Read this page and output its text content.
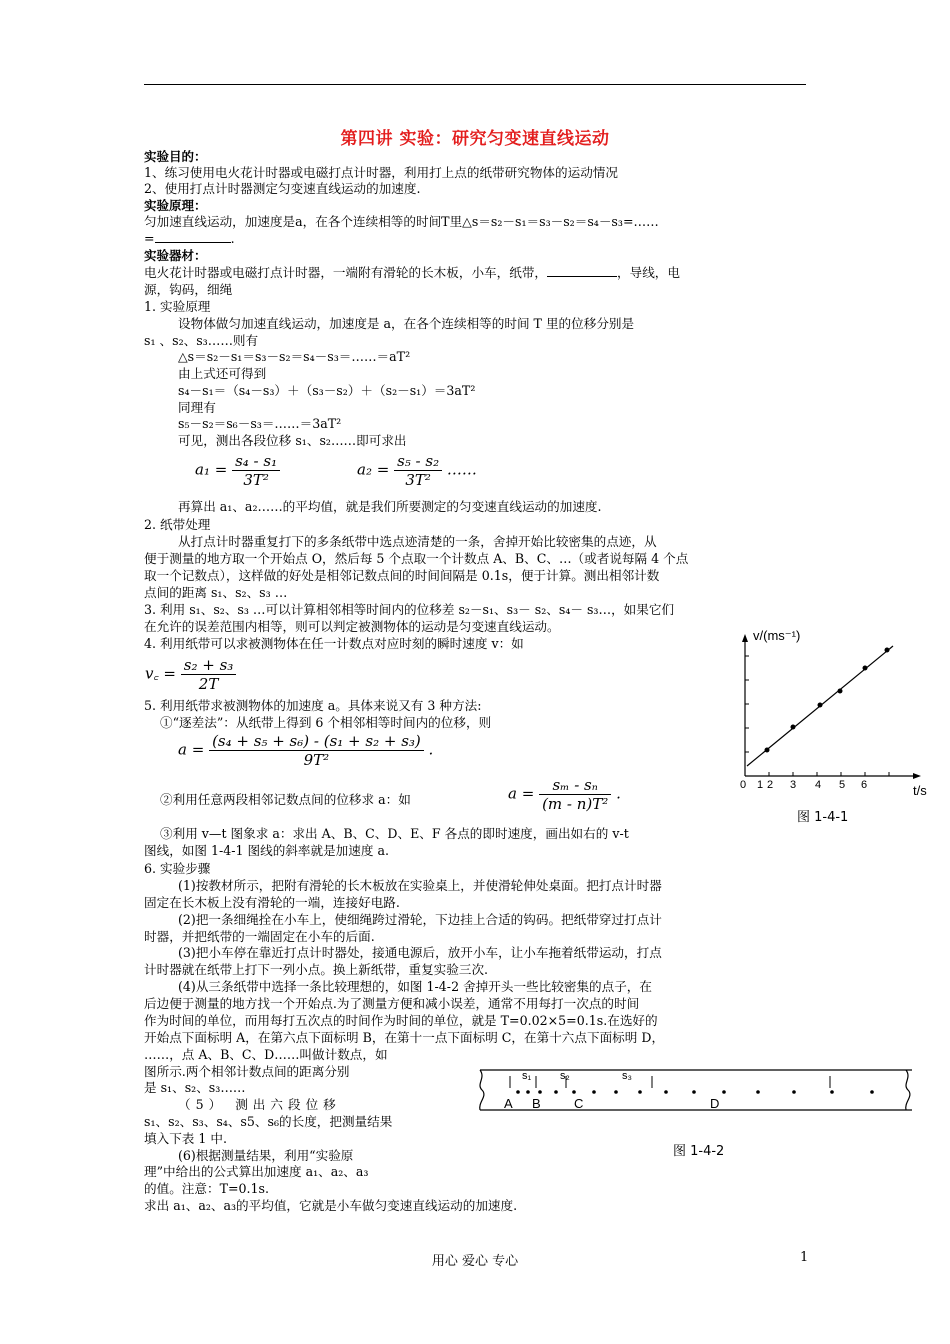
第四讲 实验：研究匀变速直线运动
实验目的：
1、练习使用电火花计时器或电磁打点计时器，利用打上点的纸带研究物体的运动情况
2、使用打点计时器测定匀变速直线运动的加速度.
实验原理：
匀加速直线运动，加速度是a，在各个连续相等的时间T里△s＝s₂－s₁＝s₃－s₂＝s₄－s₃=……
=	.
实验器材：
电火花计时器或电磁打点计时器，一端附有滑轮的长木板，小车，纸带，	，导线，电
源，钩码，细绳
1. 实验原理
设物体做匀加速直线运动，加速度是 a，在各个连续相等的时间 T 里的位移分别是
s₁ 、s₂、s₃……则有
△s＝s₂－s₁＝s₃－s₂＝s₄－s₃＝……＝aT²
由上式还可得到
s₄－s₁＝（s₄－s₃）＋（s₃－s₂）＋（s₂－s₁）＝3aT²
同理有
s₅－s₂＝s₆－s₃＝……＝3aT²
可见，测出各段位移 s₁、s₂……即可求出
$a_1 = \frac{\text{s₄ - s₁}}{\text{3T²}}$	$a_2 = \frac{\text{s₅ - s₂}}{\text{3T²}}$ ……
再算出 a₁、a₂……的平均值，就是我们所要测定的匀变速直线运动的加速度.
2. 纸带处理
从打点计时器重复打下的多条纸带中选点迹清楚的一条，舍掉开始比较密集的点迹，从
便于测量的地方取一个开始点 O，然后每 5 个点取一个计数点 A、B、C、…（或者说每隔 4 个点
取一个记数点），这样做的好处是相邻记数点间的时间间隔是 0.1s，便于计算。测出相邻计数
点间的距离 s₁、s₂、s₃ …
3. 利用 s₁、s₂、s₃ …可以计算相邻相等时间内的位移差 s₂－s₁、s₃－ s₂、s₄－ s₃…，如果它们
在允许的误差范围内相等，则可以判定被测物体的运动是匀变速直线运动。
4. 利用纸带可以求被测物体在任一计数点对应时刻的瞬时速度 v：如
v꜀ = $\frac{\text{s₂ + s₃}}{2T}$
5. 利用纸带求被测物体的加速度 a。具体来说又有 3 种方法:
①“逐差法”：从纸带上得到 6 个相邻相等时间内的位移，则
$a = \frac{\text{(s₄ + s₅ + s₆) - (s₁ + s₂ + s₃)}}{\text{9T²}}$ .
②利用任意两段相邻记数点间的位移求 a：如	$a = \frac{\text{sₘ - sₙ}}{\text{(m - n)T²}}$ .
③利用 v—t 图象求 a：求出 A、B、C、D、E、F 各点的即时速度，画出如右的 v-t
图线，如图 1-4-1 图线的斜率就是加速度 a.
v/(ms⁻¹)
t/s
0 1 2 3 4 5 6
图 1-4-1
6. 实验步骤
(1)按教材所示，把附有滑轮的长木板放在实验桌上，并使滑轮伸处桌面。把打点计时器
固定在长木板上没有滑轮的一端，连接好电路.
(2)把一条细绳拴在小车上，使细绳跨过滑轮，下边挂上合适的钩码。把纸带穿过打点计
时器，并把纸带的一端固定在小车的后面.
(3)把小车停在靠近打点计时器处，接通电源后，放开小车，让小车拖着纸带运动，打点
计时器就在纸带上打下一列小点。换上新纸带，重复实验三次.
(4)从三条纸带中选择一条比较理想的，如图 1-4-2 舍掉开头一些比较密集的点子，在
后边便于测量的地方找一个开始点.为了测量方便和减小误差，通常不用每打一次点的时间
作为时间的单位，而用每打五次点的时间作为时间的单位，就是 T=0.02×5=0.1s.在选好的
开始点下面标明 A，在第六点下面标明 B，在第十一点下面标明 C，在第十六点下面标明 D，
……，点 A、B、C、D……叫做计数点，如
图所示.两个相邻计数点间的距离分别
是 s₁、s₂、s₃……
（5） 测出六段位移
s₁、s₂、s₃、s₄、s5、s₆的长度，把测量结果
填入下表 1 中.
(6)根据测量结果，利用“实验原
理”中给出的公式算出加速度 a₁、a₂、a₃
的值。注意：T=0.1s.
求出 a₁、a₂、a₃的平均值，它就是小车做匀变速直线运动的加速度.
s₁	s₂	s₃
A B	C	D
图 1-4-2
用心 爱心 专心	1
